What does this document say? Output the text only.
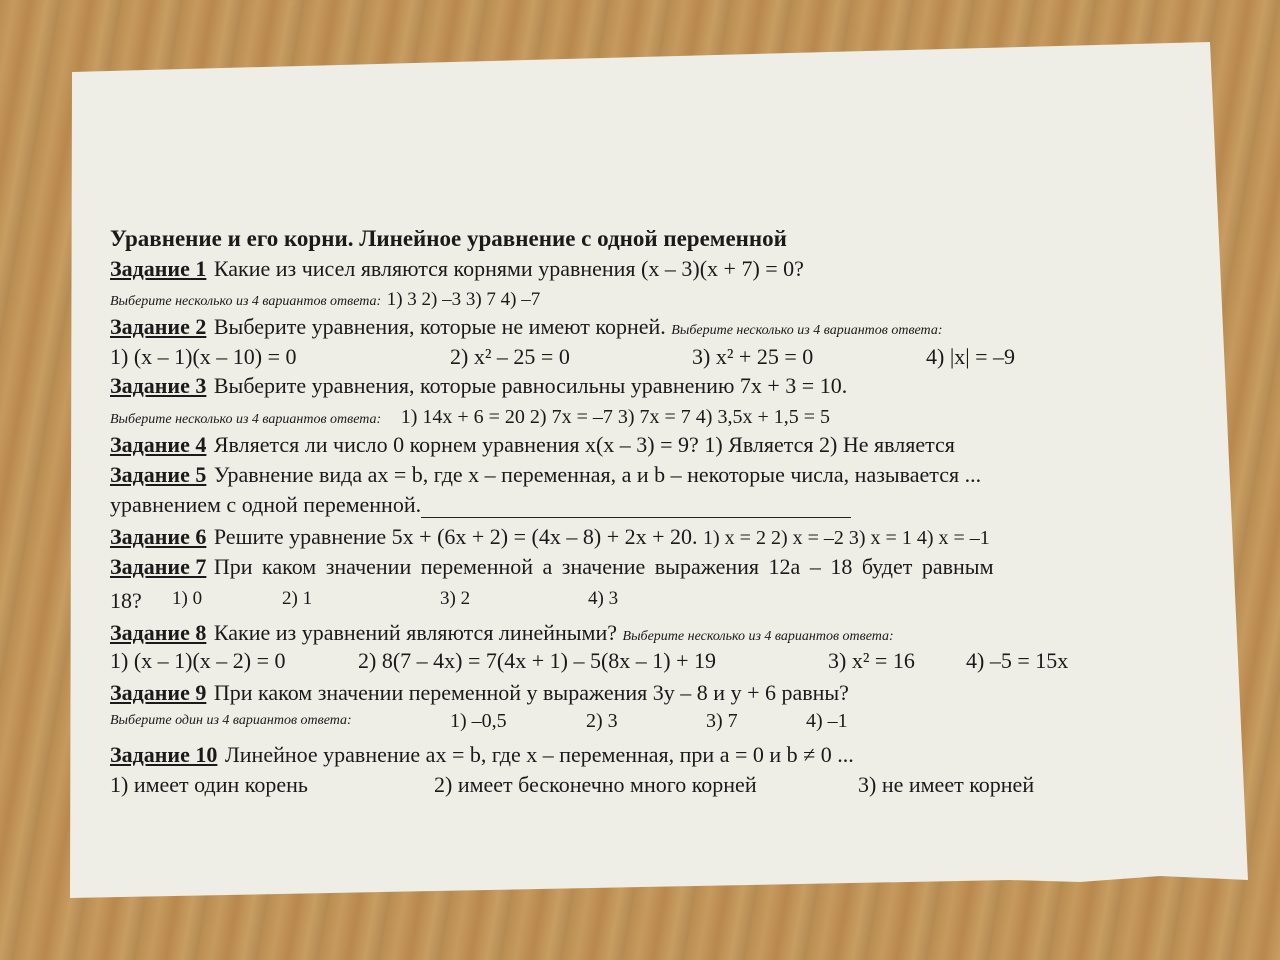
Уравнение и его корни. Линейное уравнение с одной переменной
Задание 1 Какие из чисел являются корнями уравнения (x – 3)(x + 7) = 0?
Выберите несколько из 4 вариантов ответа: 1) 3 2) –3 3) 7 4) –7
Задание 2 Выберите уравнения, которые не имеют корней. Выберите несколько из 4 вариантов ответа:
1) (x – 1)(x – 10) = 0	2) x² – 25 = 0	3) x² + 25 = 0	4) |x| = –9
Задание 3 Выберите уравнения, которые равносильны уравнению 7x + 3 = 10.
Выберите несколько из 4 вариантов ответа: 1) 14x + 6 = 20 2) 7x = –7 3) 7x = 7 4) 3,5x + 1,5 = 5
Задание 4 Является ли число 0 корнем уравнения x(x – 3) = 9? 1) Является 2) Не является
Задание 5 Уравнение вида ax = b, где x – переменная, a и b – некоторые числа, называется ...
уравнением с одной переменной.
Задание 6 Решите уравнение 5x + (6x + 2) = (4x – 8) + 2x + 20. 1) x = 2 2) x = –2 3) x = 1 4) x = –1
Задание 7 При каком значении переменной a значение выражения 12a – 18 будет равным
18? 1) 0	2) 1	3) 2	4) 3
Задание 8 Какие из уравнений являются линейными? Выберите несколько из 4 вариантов ответа:
1) (x – 1)(x – 2) = 0	2) 8(7 – 4x) = 7(4x + 1) – 5(8x – 1) + 19	3) x² = 16 4) –5 = 15x
Задание 9 При каком значении переменной y выражения 3y – 8 и y + 6 равны?
Выберите один из 4 вариантов ответа:	1) –0,5	2) 3	3) 7	4) –1
Задание 10 Линейное уравнение ax = b, где x – переменная, при a = 0 и b ≠ 0 ...
1) имеет один корень	2) имеет бесконечно много корней	3) не имеет корней
